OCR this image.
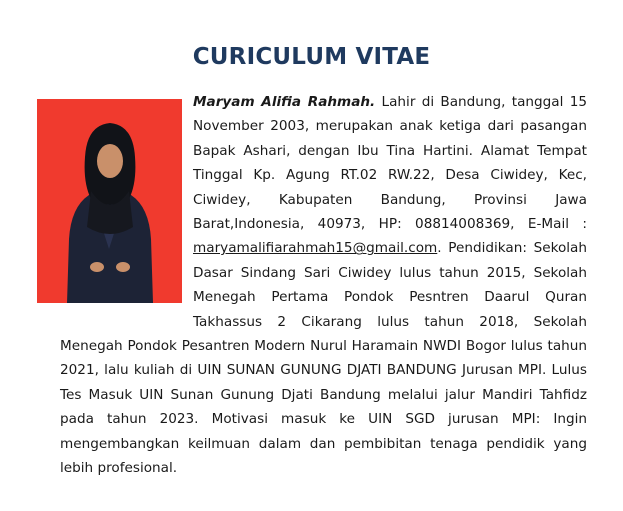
CURICULUM VITAE
Maryam Alifia Rahmah. Lahir di Bandung, tanggal 15 November 2003, merupakan anak ketiga dari pasangan Bapak Ashari, dengan Ibu Tina Hartini. Alamat Tempat Tinggal Kp. Agung RT.02 RW.22, Desa Ciwidey, Kec, Ciwidey, Kabupaten Bandung, Provinsi Jawa Barat,Indonesia, 40973, HP: 08814008369, E-Mail : maryamalifiarahmah15@gmail.com. Pendidikan: Sekolah Dasar Sindang Sari Ciwidey lulus tahun 2015, Sekolah Menegah Pertama Pondok Pesntren Daarul Quran Takhassus 2 Cikarang lulus tahun 2018, Sekolah Menegah Pondok Pesantren Modern Nurul Haramain NWDI Bogor lulus tahun 2021, lalu kuliah di UIN SUNAN GUNUNG DJATI BANDUNG Jurusan MPI. Lulus Tes Masuk UIN Sunan Gunung Djati Bandung melalui jalur Mandiri Tahfidz pada tahun 2023. Motivasi masuk ke UIN SGD jurusan MPI: Ingin mengembangkan keilmuan dalam dan pembibitan tenaga pendidik yang lebih profesional.
